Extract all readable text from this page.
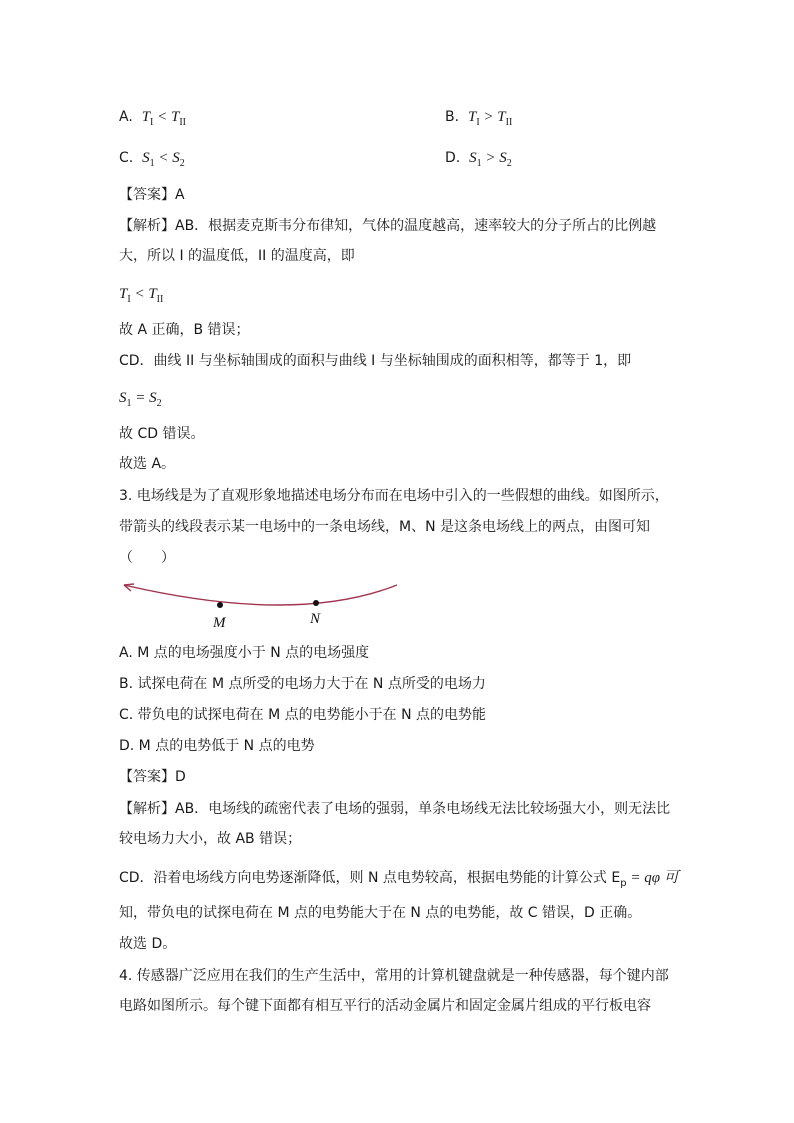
A. $T_I < T_{II}$	B. $T_I > T_{II}$
C. $S_1 < S_2$	D. $S_1 > S_2$
【答案】A
【解析】AB．根据麦克斯韦分布律知，气体的温度越高，速率较大的分子所占的比例越
大，所以 I 的温度低，II 的温度高，即
$T_I < T_{II}$
故 A 正确，B 错误；
CD．曲线 II 与坐标轴围成的面积与曲线 I 与坐标轴围成的面积相等，都等于 1，即
$S_1 = S_2$
故 CD 错误。
故选 A。
3. 电场线是为了直观形象地描述电场分布而在电场中引入的一些假想的曲线。如图所示，
带箭头的线段表示某一电场中的一条电场线，M、N 是这条电场线上的两点，由图可知
（　　）
M	N
A. M 点的电场强度小于 N 点的电场强度
B. 试探电荷在 M 点所受的电场力大于在 N 点所受的电场力
C. 带负电的试探电荷在 M 点的电势能小于在 N 点的电势能
D. M 点的电势低于 N 点的电势
【答案】D
【解析】AB．电场线的疏密代表了电场的强弱，单条电场线无法比较场强大小，则无法比
较电场力大小，故 AB 错误；
CD．沿着电场线方向电势逐渐降低，则 N 点电势较高，根据电势能的计算公式 $E_p = q\varphi$ 可
知，带负电的试探电荷在 M 点的电势能大于在 N 点的电势能，故 C 错误，D 正确。
故选 D。
4. 传感器广泛应用在我们的生产生活中，常用的计算机键盘就是一种传感器，每个键内部
电路如图所示。每个键下面都有相互平行的活动金属片和固定金属片组成的平行板电容
